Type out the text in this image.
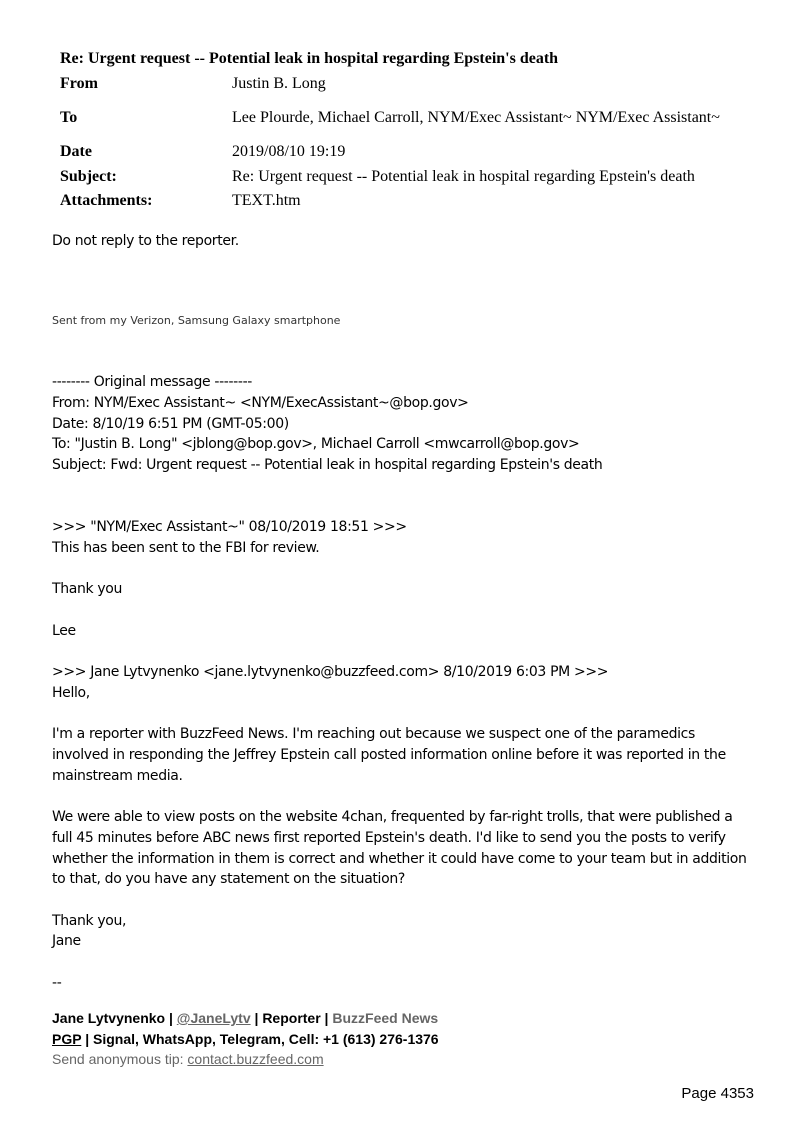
Re: Urgent request -- Potential leak in hospital regarding Epstein's death
From	Justin B. Long
To	Lee Plourde, Michael Carroll, NYM/Exec Assistant~ NYM/Exec Assistant~
Date	2019/08/10 19:19
Subject:	Re: Urgent request -- Potential leak in hospital regarding Epstein's death
Attachments:	TEXT.htm
Do not reply to the reporter.
Sent from my Verizon, Samsung Galaxy smartphone
-------- Original message --------
From: NYM/Exec Assistant~ <NYM/ExecAssistant~@bop.gov>
Date: 8/10/19 6:51 PM (GMT-05:00)
To: "Justin B. Long" <jblong@bop.gov>, Michael Carroll <mwcarroll@bop.gov>
Subject: Fwd: Urgent request -- Potential leak in hospital regarding Epstein's death
>>> "NYM/Exec Assistant~" 08/10/2019 18:51 >>>
This has been sent to the FBI for review.
Thank you
Lee
>>> Jane Lytvynenko <jane.lytvynenko@buzzfeed.com> 8/10/2019 6:03 PM >>>
Hello,
I'm a reporter with BuzzFeed News. I'm reaching out because we suspect one of the paramedics involved in responding the Jeffrey Epstein call posted information online before it was reported in the mainstream media.
We were able to view posts on the website 4chan, frequented by far-right trolls, that were published a full 45 minutes before ABC news first reported Epstein's death. I'd like to send you the posts to verify whether the information in them is correct and whether it could have come to your team but in addition to that, do you have any statement on the situation?
Thank you,
Jane
--
Jane Lytvynenko | @JaneLytv | Reporter | BuzzFeed News
PGP | Signal, WhatsApp, Telegram, Cell: +1 (613) 276-1376
Send anonymous tip: contact.buzzfeed.com
Page 4353
